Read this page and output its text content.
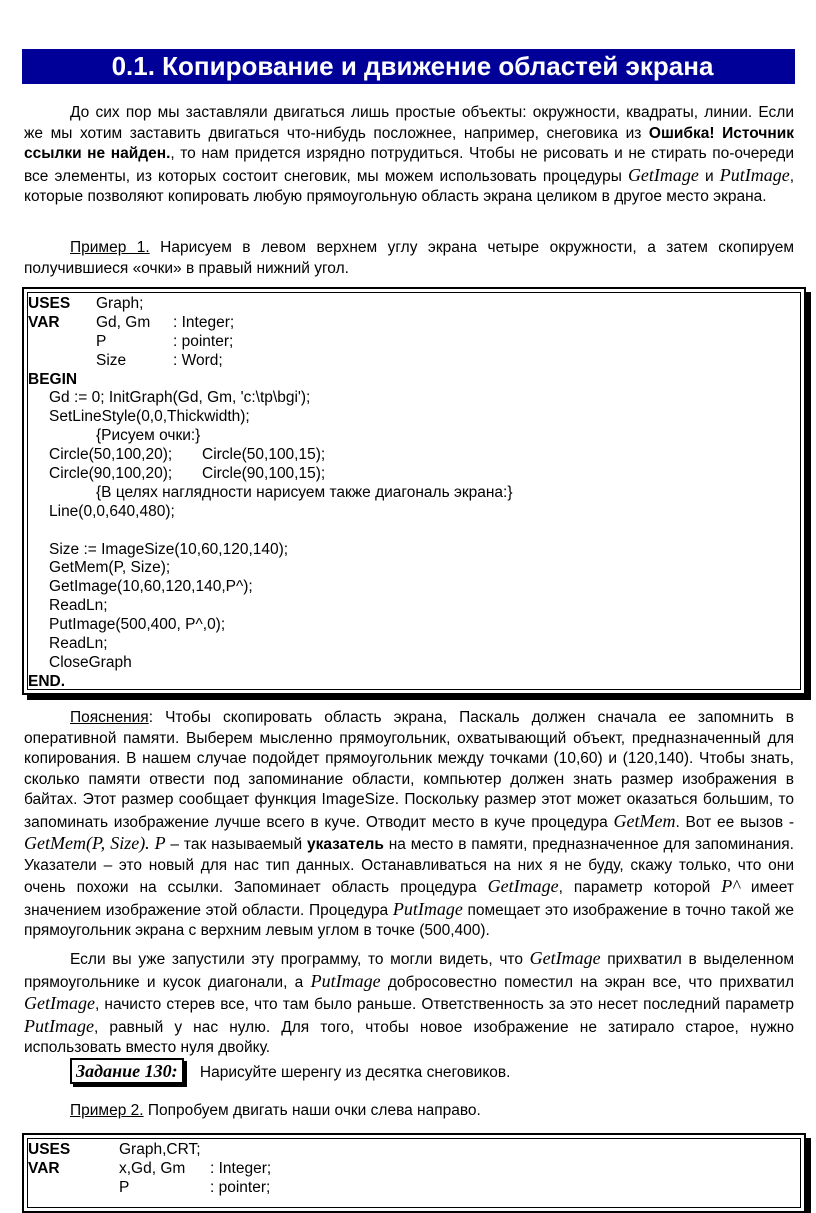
0.1. Копирование и движение областей экрана

До сих пор мы заставляли двигаться лишь простые объекты: окружности, квадраты, линии. Если же мы хотим заставить двигаться что-нибудь посложнее, например, снеговика из Ошибка! Источник ссылки не найден., то нам придется изрядно потрудиться. Чтобы не рисовать и не стирать по-очереди все элементы, из которых состоит снеговик, мы можем использовать процедуры GetImage и PutImage, которые позволяют копировать любую прямоугольную область экрана целиком в другое место экрана.

Пример 1. Нарисуем в левом верхнем углу экрана четыре окружности, а затем скопируем получившиеся «очки» в правый нижний угол.

USES Graph;
VAR Gd, Gm : Integer;
P	: pointer;
Size	: Word;
BEGIN
Gd := 0; InitGraph(Gd, Gm, 'c:\tp\bgi');
SetLineStyle(0,0,Thickwidth);
{Рисуем очки:}
Circle(50,100,20); Circle(50,100,15);
Circle(90,100,20); Circle(90,100,15);
{В целях наглядности нарисуем также диагональ экрана:}
Line(0,0,640,480);
Size := ImageSize(10,60,120,140);
GetMem(P, Size);
GetImage(10,60,120,140,P^);
ReadLn;
PutImage(500,400, P^,0);
ReadLn;
CloseGraph
END.

Пояснения: Чтобы скопировать область экрана, Паскаль должен сначала ее запомнить в оперативной памяти. Выберем мысленно прямоугольник, охватывающий объект, предназначенный для копирования. В нашем случае подойдет прямоугольник между точками (10,60) и (120,140). Чтобы знать, сколько памяти отвести под запоминание области, компьютер должен знать размер изображения в байтах. Этот размер сообщает функция ImageSize. Поскольку размер этот может оказаться большим, то запоминать изображение лучше всего в куче. Отводит место в куче процедура GetMem. Вот ее вызов - GetMem(P, Size). P – так называемый указатель на место в памяти, предназначенное для запоминания. Указатели – это новый для нас тип данных. Останавливаться на них я не буду, скажу только, что они очень похожи на ссылки. Запоминает область процедура GetImage, параметр которой P^ имеет значением изображение этой области. Процедура PutImage помещает это изображение в точно такой же прямоугольник экрана с верхним левым углом в точке (500,400).

Если вы уже запустили эту программу, то могли видеть, что GetImage прихватил в выделенном прямоугольнике и кусок диагонали, а PutImage добросовестно поместил на экран все, что прихватил GetImage, начисто стерев все, что там было раньше. Ответственность за это несет последний параметр PutImage, равный у нас нулю. Для того, чтобы новое изображение не затирало старое, нужно использовать вместо нуля двойку.

Задание 130: Нарисуйте шеренгу из десятка снеговиков.

Пример 2. Попробуем двигать наши очки слева направо.

USES	Graph,CRT;
VAR	x,Gd, Gm : Integer;
P	: pointer;
